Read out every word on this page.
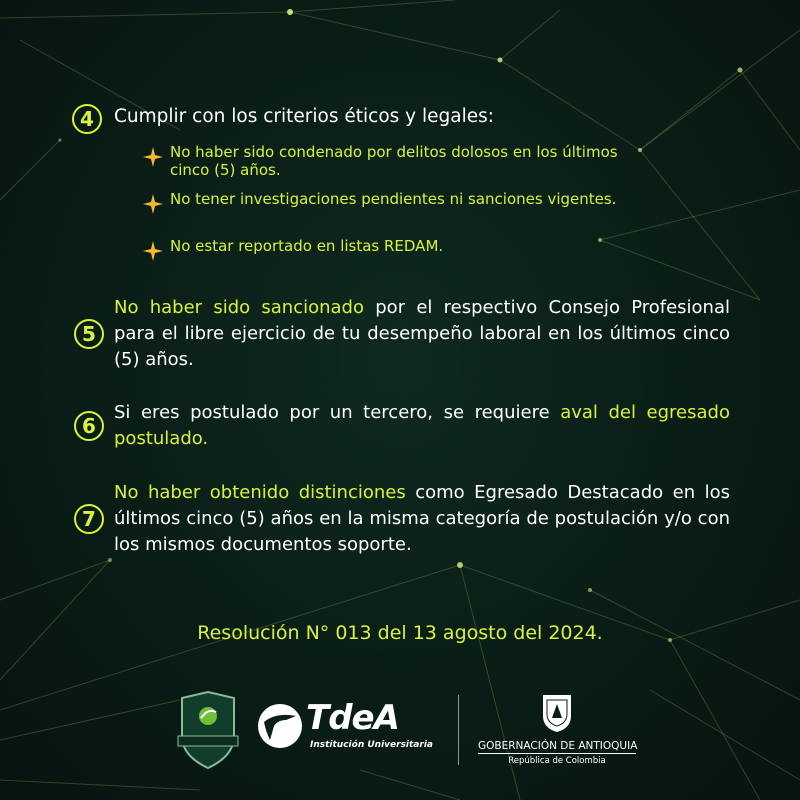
4 Cumplir con los criterios éticos y legales:
No haber sido condenado por delitos dolosos en los últimos cinco (5) años.
No tener investigaciones pendientes ni sanciones vigentes.
No estar reportado en listas REDAM.
5

No haber sido sancionado por el respectivo Consejo Profesional para el libre ejercicio de tu desempeño laboral en los últimos cinco (5) años.

6

Si eres postulado por un tercero, se requiere aval del egresado postulado.

7

No haber obtenido distinciones como Egresado Destacado en los últimos cinco (5) años en la misma categoría de postulación y/o con los mismos documentos soporte.

Resolución N° 013 del 13 agosto del 2024.
TdeA
Institución Universitaria	GOBERNACIÓN DE ANTIOQUIA
República de Colombia
